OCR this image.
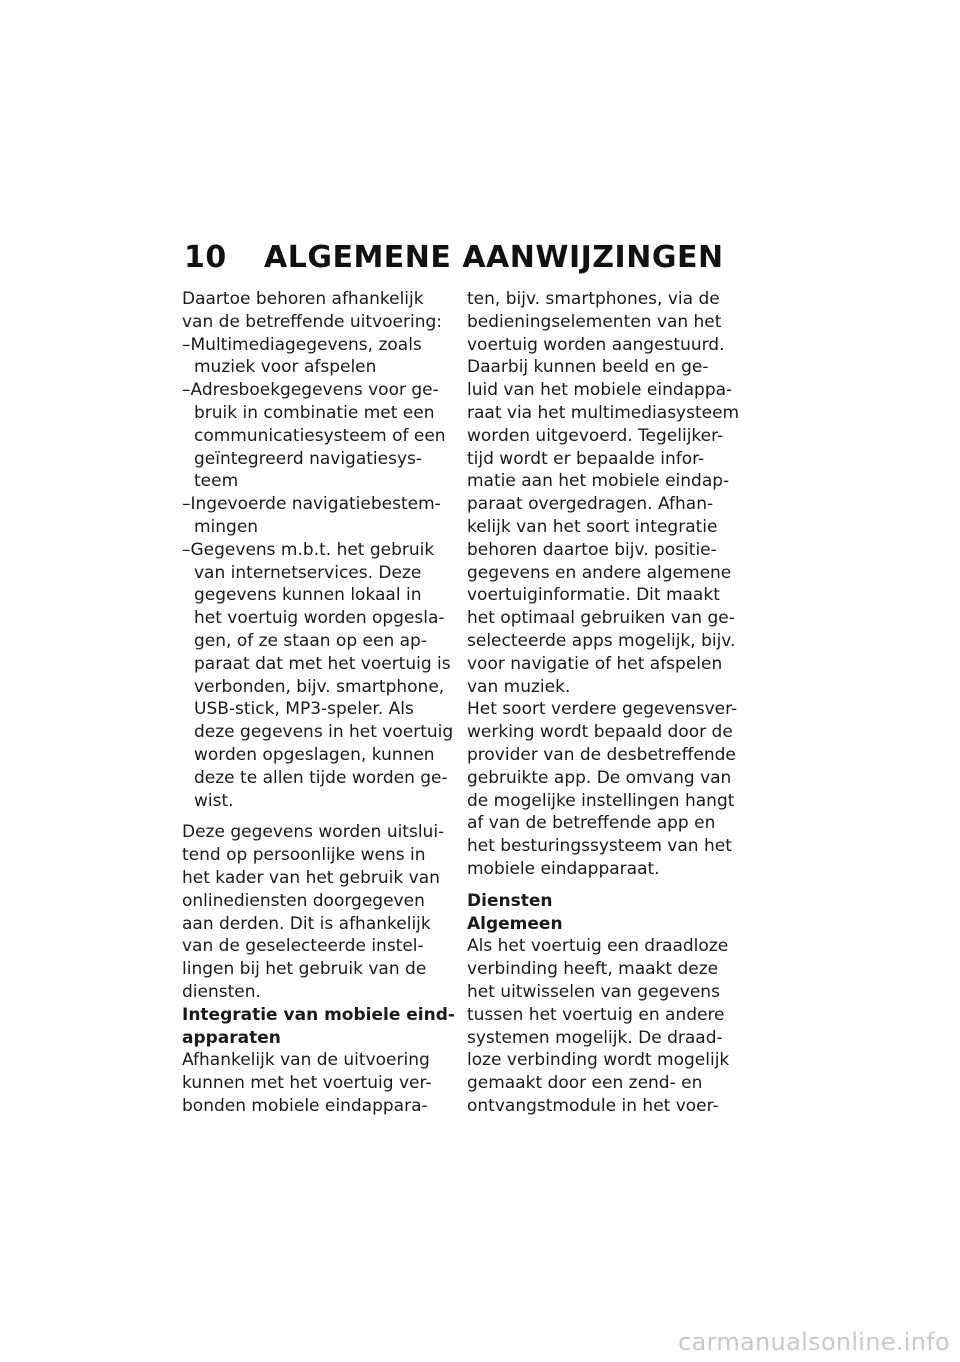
10 ALGEMENE AANWIJZINGEN
Daartoe behoren afhankelijk
van de betreffende uitvoering:
–Multimediagegevens, zoals
muziek voor afspelen
–Adresboekgegevens voor ge-
bruik in combinatie met een
communicatiesysteem of een
geïntegreerd navigatiesys-
teem
–Ingevoerde navigatiebestem-
mingen
–Gegevens m.b.t. het gebruik
van internetservices. Deze
gegevens kunnen lokaal in
het voertuig worden opgesla-
gen, of ze staan op een ap-
paraat dat met het voertuig is
verbonden, bijv. smartphone,
USB-stick, MP3-speler. Als
deze gegevens in het voertuig
worden opgeslagen, kunnen
deze te allen tijde worden ge-
wist.
Deze gegevens worden uitslui-
tend op persoonlijke wens in
het kader van het gebruik van
onlinediensten doorgegeven
aan derden. Dit is afhankelijk
van de geselecteerde instel-
lingen bij het gebruik van de
diensten.
Integratie van mobiele eind-
apparaten
Afhankelijk van de uitvoering
kunnen met het voertuig ver-
bonden mobiele eindappara-
ten, bijv. smartphones, via de
bedieningselementen van het
voertuig worden aangestuurd.
Daarbij kunnen beeld en ge-
luid van het mobiele eindappa-
raat via het multimediasysteem
worden uitgevoerd. Tegelijker-
tijd wordt er bepaalde infor-
matie aan het mobiele eindap-
paraat overgedragen. Afhan-
kelijk van het soort integratie
behoren daartoe bijv. positie-
gegevens en andere algemene
voertuiginformatie. Dit maakt
het optimaal gebruiken van ge-
selecteerde apps mogelijk, bijv.
voor navigatie of het afspelen
van muziek.
Het soort verdere gegevensver-
werking wordt bepaald door de
provider van de desbetreffende
gebruikte app. De omvang van
de mogelijke instellingen hangt
af van de betreffende app en
het besturingssysteem van het
mobiele eindapparaat.
Diensten
Algemeen
Als het voertuig een draadloze
verbinding heeft, maakt deze
het uitwisselen van gegevens
tussen het voertuig en andere
systemen mogelijk. De draad-
loze verbinding wordt mogelijk
gemaakt door een zend- en
ontvangstmodule in het voer-
carmanualsonline.info
